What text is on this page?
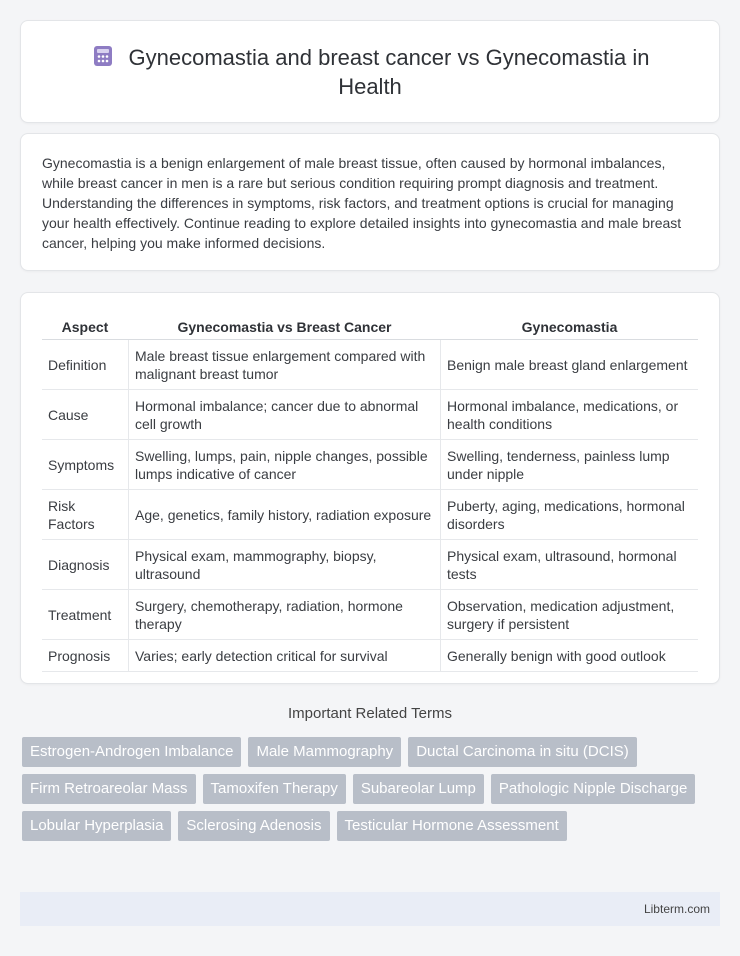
Gynecomastia and breast cancer vs Gynecomastia in Health

Gynecomastia is a benign enlargement of male breast tissue, often caused by hormonal imbalances, while breast cancer in men is a rare but serious condition requiring prompt diagnosis and treatment. Understanding the differences in symptoms, risk factors, and treatment options is crucial for managing your health effectively. Continue reading to explore detailed insights into gynecomastia and male breast cancer, helping you make informed decisions.

Aspect	Gynecomastia vs Breast Cancer	Gynecomastia
Definition	Male breast tissue enlargement compared with malignant breast tumor	Benign male breast gland enlargement
Cause	Hormonal imbalance; cancer due to abnormal cell growth	Hormonal imbalance, medications, or health conditions
Symptoms	Swelling, lumps, pain, nipple changes, possible lumps indicative of cancer	Swelling, tenderness, painless lump under nipple
Risk Factors	Age, genetics, family history, radiation exposure	Puberty, aging, medications, hormonal disorders
Diagnosis	Physical exam, mammography, biopsy, ultrasound	Physical exam, ultrasound, hormonal tests
Treatment	Surgery, chemotherapy, radiation, hormone therapy	Observation, medication adjustment, surgery if persistent
Prognosis	Varies; early detection critical for survival	Generally benign with good outlook
Important Related Terms
Estrogen-Androgen Imbalance	Male Mammography	Ductal Carcinoma in situ (DCIS)
Firm Retroareolar Mass	Tamoxifen Therapy	Subareolar Lump	Pathologic Nipple Discharge
Lobular Hyperplasia	Sclerosing Adenosis	Testicular Hormone Assessment
Libterm.com
